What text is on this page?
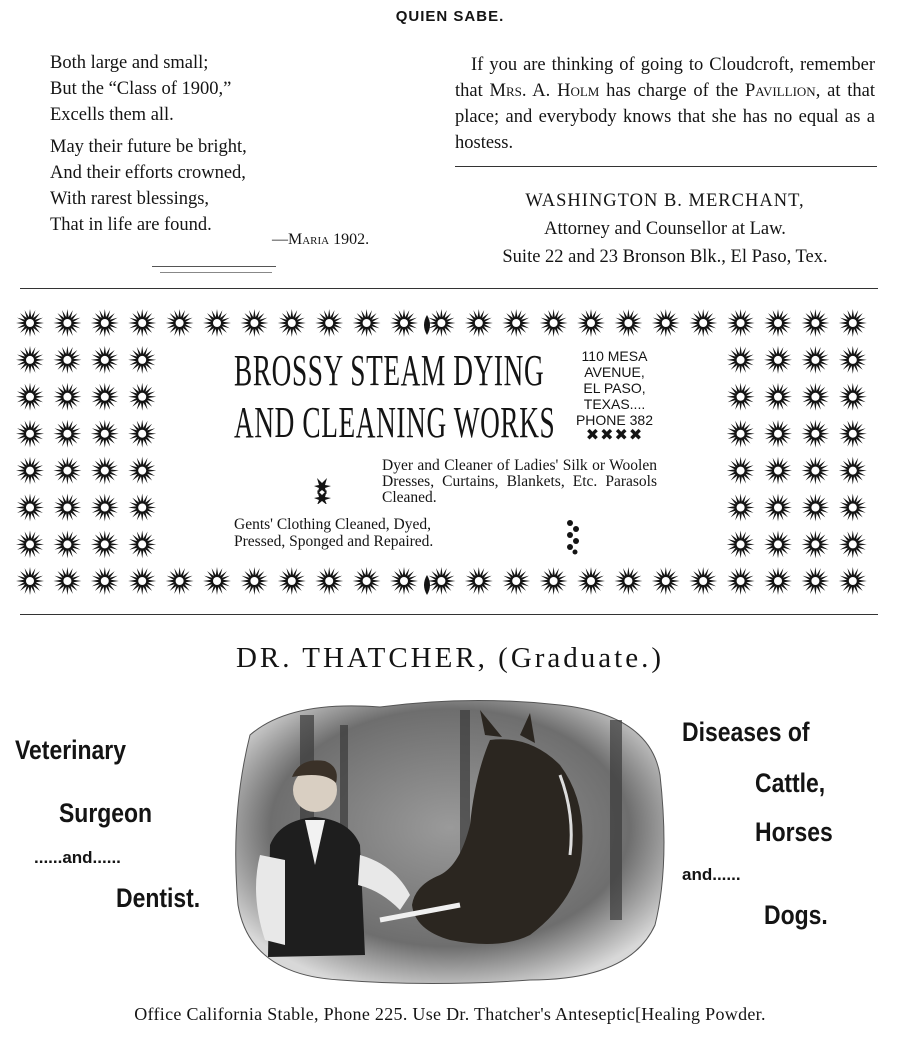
QUIEN SABE.
Both large and small;
But the “Class of 1900,”
Excells them all.
May their future be bright,
And their efforts crowned,
With rarest blessings,
That in life are found.
—Maria 1902.
If you are thinking of going to Cloudcroft, remember that Mrs. A. Holm has charge of the Pavillion, at that place; and everybody knows that she has no equal as a hostess.
WASHINGTON B. MERCHANT,
Attorney and Counsellor at Law.
Suite 22 and 23 Bronson Blk., El Paso, Tex.
BROSSY STEAM DYING
AND CLEANING WORKS
110 MESA
AVENUE,
EL PASO,
TEXAS....
PHONE 382
✖✖✖✖
Dyer and Cleaner of Ladies' Silk or Woolen Dresses, Curtains, Blankets, Etc. Parasols Cleaned.
Gents' Clothing Cleaned, Dyed,
Pressed, Sponged and Repaired.
DR. THATCHER, (Graduate.)
Veterinary
Surgeon
......and......
Dentist.
Diseases of
Cattle,
Horses
and......
Dogs.
Office California Stable, Phone 225. Use Dr. Thatcher's Anteseptic[Healing Powder.
